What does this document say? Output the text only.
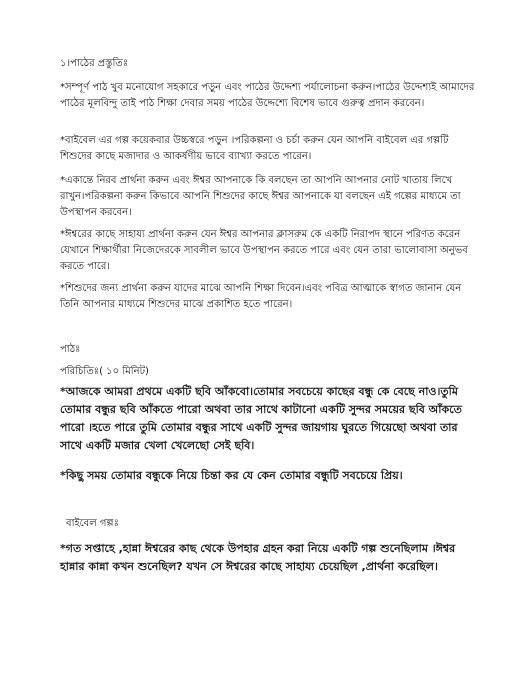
১।পাঠের প্রস্তুতিঃ

*সম্পূর্ণ পাঠ খুব মনোযোগ সহকারে পড়ুন এবং পাঠের উদ্দেশ্য পর্যালোচনা করুন।পাঠের উদ্দেশ্যই আমাদের পাঠের মূলবিন্দু তাই পাঠ শিক্ষা দেবার সময় পাঠের উদ্দেশ্যে বিশেষ ভাবে গুরুত্ব প্রদান করবেন।

*বাইবেল এর গল্প কয়েকবার উচ্চস্বরে পড়ুন ।পরিকল্পনা ও চর্চা করুন যেন আপনি বাইবেল এর গল্পটি শিশুদের কাছে মজাদার ও আকর্ষণীয় ভাবে ব্যাখ্যা করতে পারেন।

*একান্তে নিরব প্রার্থনা করুন এবং ঈশ্বর আপনাকে কি বলছেন তা আপনি আপনার নোট খাতায় লিখে রাখুন।পরিকল্পনা করুন কিভাবে আপনি শিশুদের কাছে ঈশ্বর আপনাকে যা বলছেন এই গল্পের মাধ্যমে তা উপস্থাপন করবেন।

*ঈশ্বরের কাছে সাহায্য প্রার্থনা করুন যেন ঈশ্বর আপনার ক্লাসরুম কে একটি নিরাপদ স্থানে পরিণত করেন যেখানে শিক্ষার্থীরা নিজেদেরকে সাবলীল ভাবে উপস্থাপন করতে পারে এবং যেন তারা ভালোবাসা অনুভব করতে পারে।

*শিশুদের জন্য প্রার্থনা করুন যাদের মাঝে আপনি শিক্ষা দিবেন।এবং পবিত্র আত্মাকে স্বাগত জানান যেন তিনি আপনার মাধ্যমে শিশুদের মাঝে প্রকাশিত হতে পারেন।

পাঠঃ

পরিচিতিঃ( ১০ মিনিট)

*আজকে আমরা প্রথমে একটি ছবি আঁকবো।তোমার সবচেয়ে কাছের বন্ধু কে বেছে নাও।তুমি তোমার বন্ধুর ছবি আঁকতে পারো অথবা তার সাথে কাটানো একটি সুন্দর সময়ের ছবি আঁকতে পারো ।হতে পারে তুমি তোমার বন্ধুর সাথে একটি সুন্দর জায়গায় ঘুরতে গিয়েছো অথবা তার সাথে একটি মজার খেলা খেলেছো সেই ছবি।

*কিছু সময় তোমার বন্ধুকে নিয়ে চিন্তা কর যে কেন তোমার বন্ধুটি সবচেয়ে প্রিয়।

বাইবেল গল্পঃ

*গত সপ্তাহে ,হান্না ঈশ্বরের কাছ থেকে উপহার গ্রহন করা নিয়ে একটি গল্প শুনেছিলাম ।ঈশ্বর হান্নার কান্না কখন শুনেছিল? যখন সে ঈশ্বরের কাছে সাহায্য চেয়েছিল ,প্রার্থনা করেছিল।
